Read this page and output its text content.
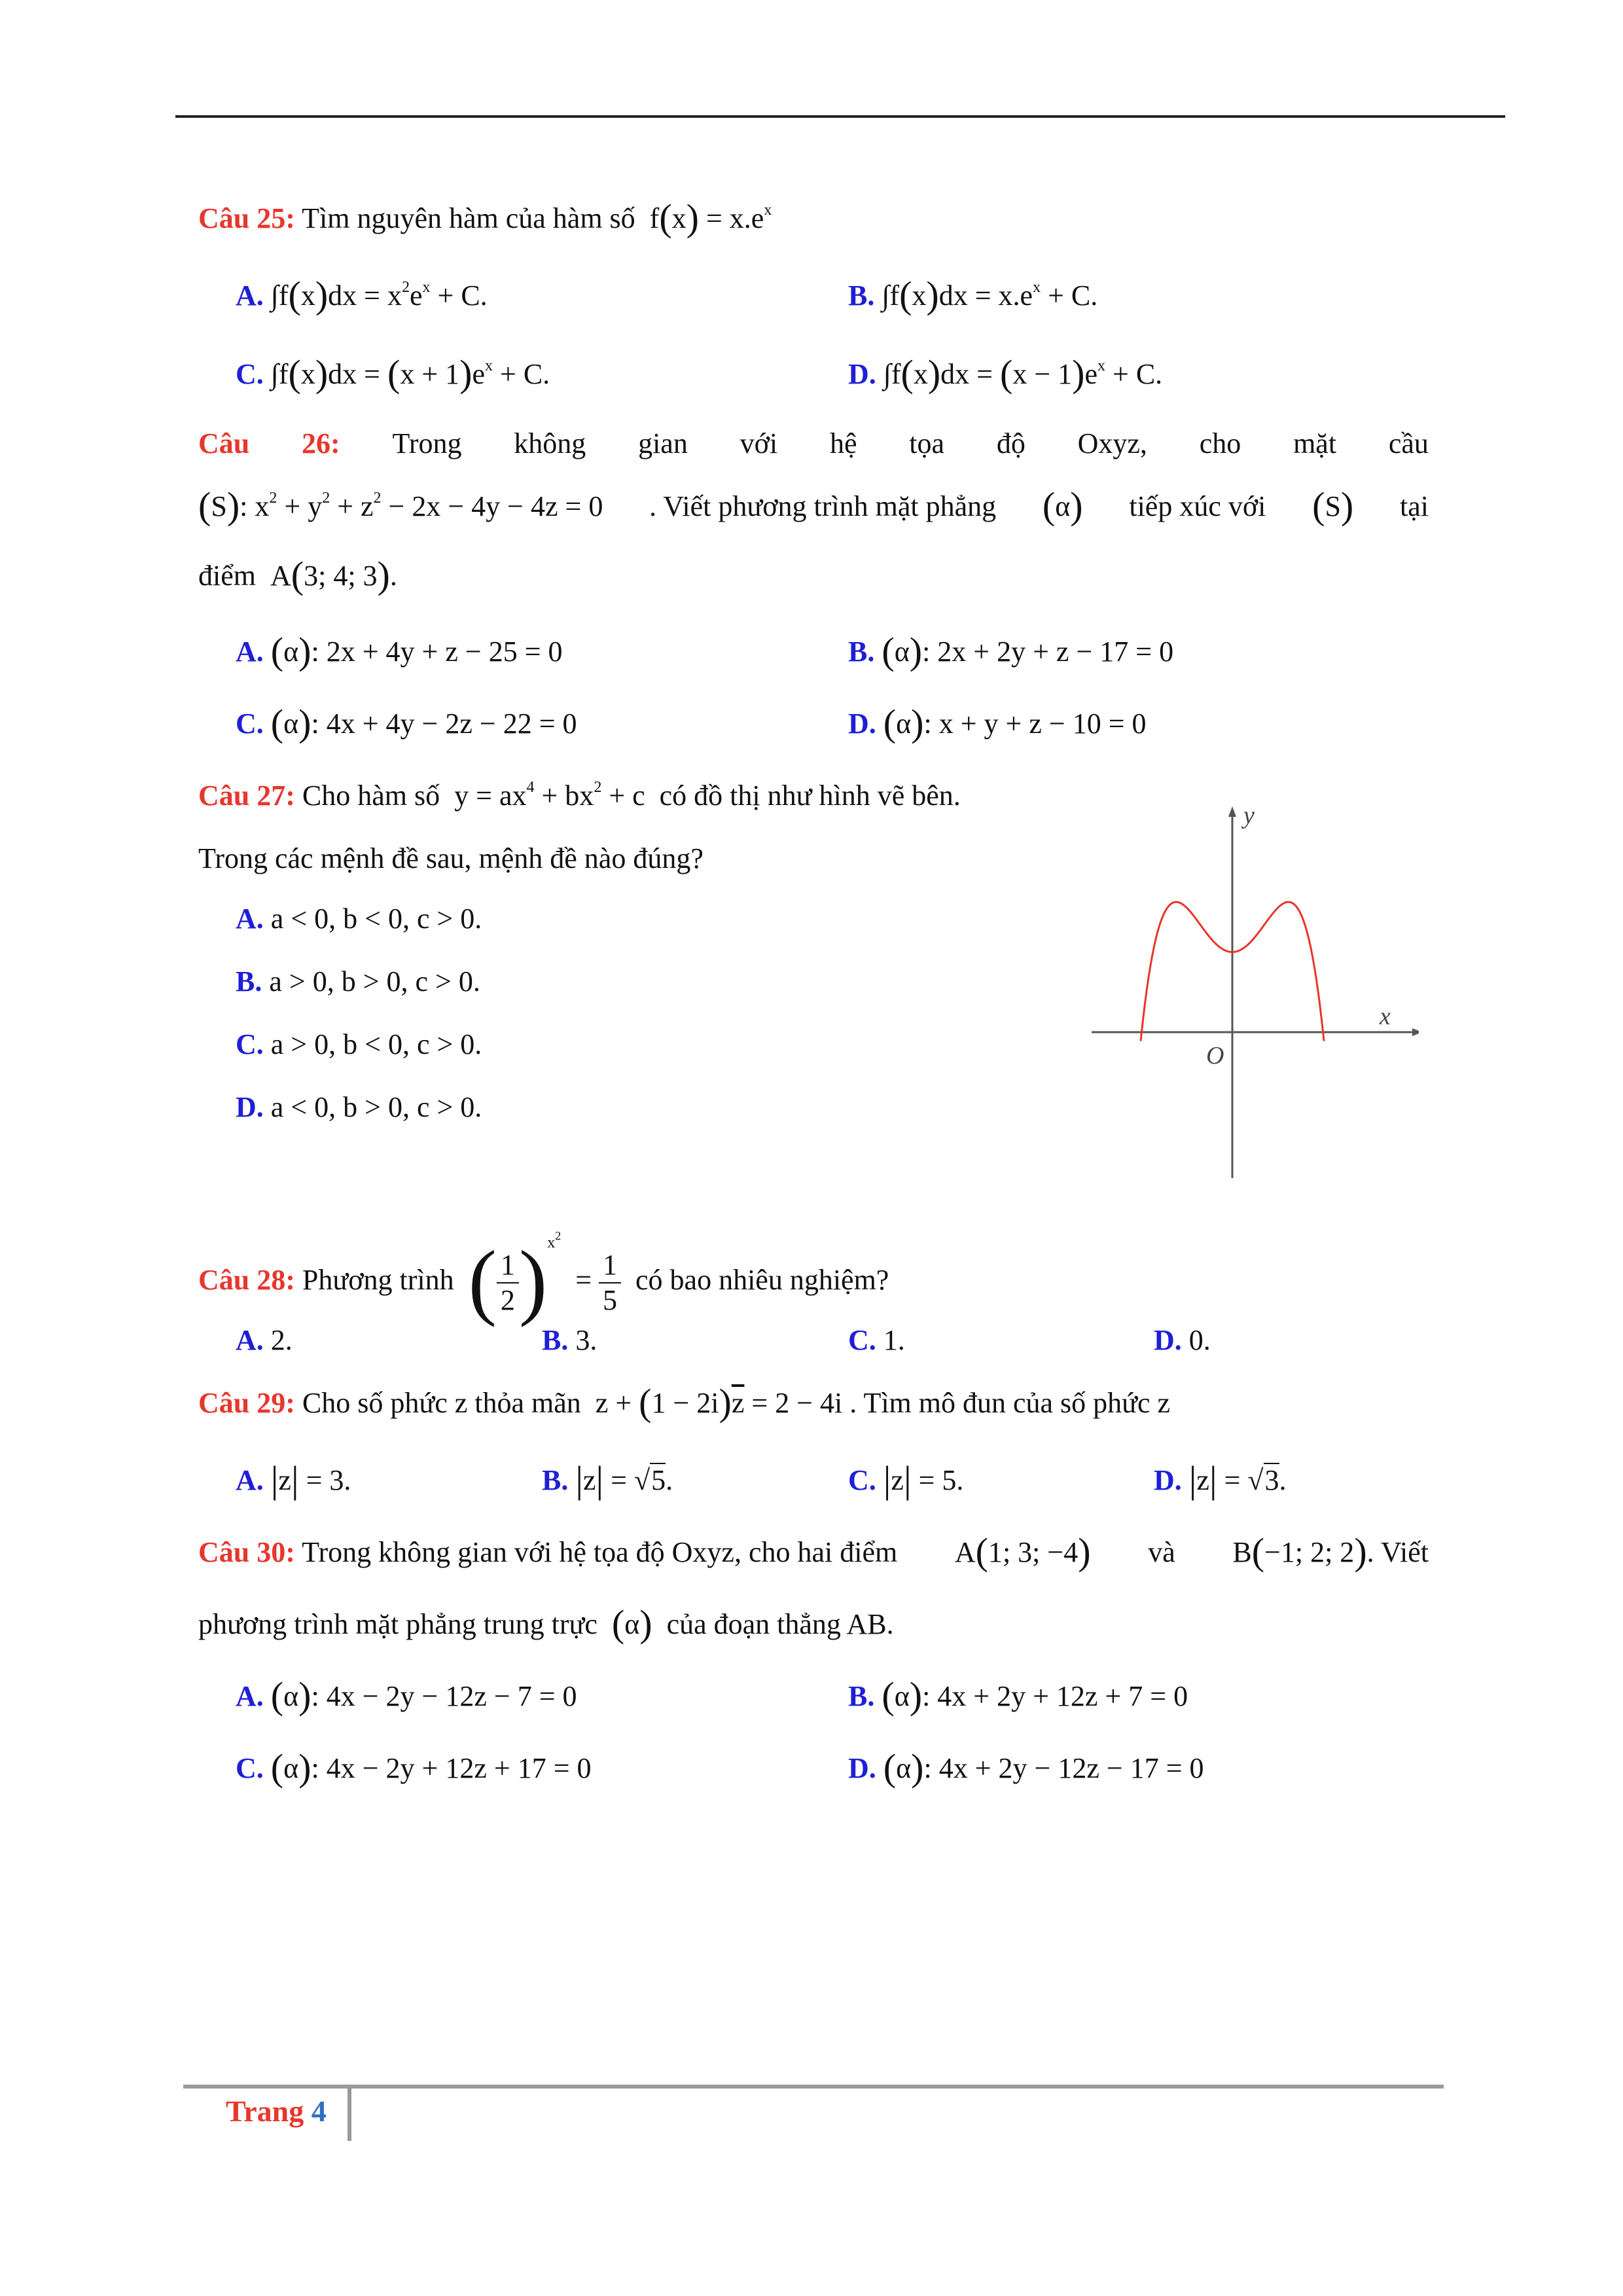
Câu 25: Tìm nguyên hàm của hàm số  $f(x) = x.e^x$
A. $\int f(x)dx = x^2e^x + C$.	B. $\int f(x)dx = x.e^x + C$.
C. $\int f(x)dx = (x + 1)e^x + C$.	D. $\int f(x)dx = (x - 1)e^x + C$.
Câu 26: Trong không gian với hệ tọa độ Oxyz, cho mặt cầu
(S): $x^2 + y^2 + z^2 - 2x - 4y - 4z = 0$ . Viết phương trình mặt phẳng (α) tiếp xúc với (S) tại
điểm  A(3; 4; 3).
A. (α): 2x + 4y + z − 25 = 0	B. (α): 2x + 2y + z − 17 = 0
C. (α): 4x + 4y − 2z − 22 = 0	D. (α): x + y + z − 10 = 0
Câu 27: Cho hàm số  $y = ax^4 + bx^2 + c$  có đồ thị như hình vẽ bên.
Trong các mệnh đề sau, mệnh đề nào đúng?
A. a < 0, b < 0, c > 0.
B. a > 0, b > 0, c > 0.
C. a > 0, b < 0, c > 0.
D. a < 0, b > 0, c > 0.
y
x
O
Câu 28: Phương trình ( $\frac{1}{2} )^{x^2} = \frac{1}{5}$ có bao nhiêu nghiệm?
A. 2.	B. 3.	C. 1.	D. 0.
Câu 29: Cho số phức z thỏa mãn  $z + (1 - 2i)\overline{z} = 2 - 4i$ . Tìm mô đun của số phức z
A. |z| = 3.	B. |z| = √5.	C. |z| = 5.	D. |z| = √3.
Câu 30: Trong không gian với hệ tọa độ Oxyz, cho hai điểm A(1; 3; −4) và B(−1; 2; 2). Viết
phương trình mặt phẳng trung trực (α) của đoạn thẳng AB.
A. (α): 4x − 2y − 12z − 7 = 0	B. (α): 4x + 2y + 12z + 7 = 0
C. (α): 4x − 2y + 12z + 17 = 0	D. (α): 4x + 2y − 12z − 17 = 0
Trang 4
